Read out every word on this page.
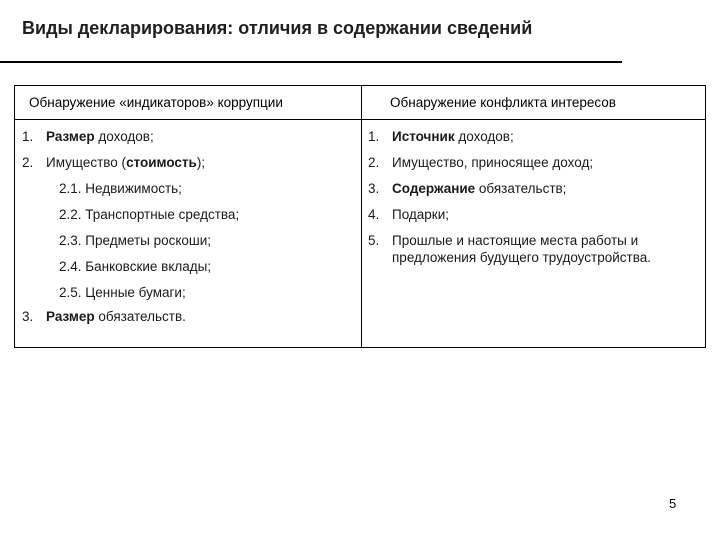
Виды декларирования: отличия в содержании сведений
Обнаружение «индикаторов» коррупции	Обнаружение конфликта интересов
1. Размер доходов;
2. Имущество (стоимость);
2.1. Недвижимость;
2.2. Транспортные средства;
2.3. Предметы роскоши;
2.4. Банковские вклады;
2.5. Ценные бумаги;
3. Размер обязательств.
1. Источник доходов;
2. Имущество, приносящее доход;
3. Содержание обязательств;
4. Подарки;
5. Прошлые и настоящие места работы и предложения будущего трудоустройства.
5
